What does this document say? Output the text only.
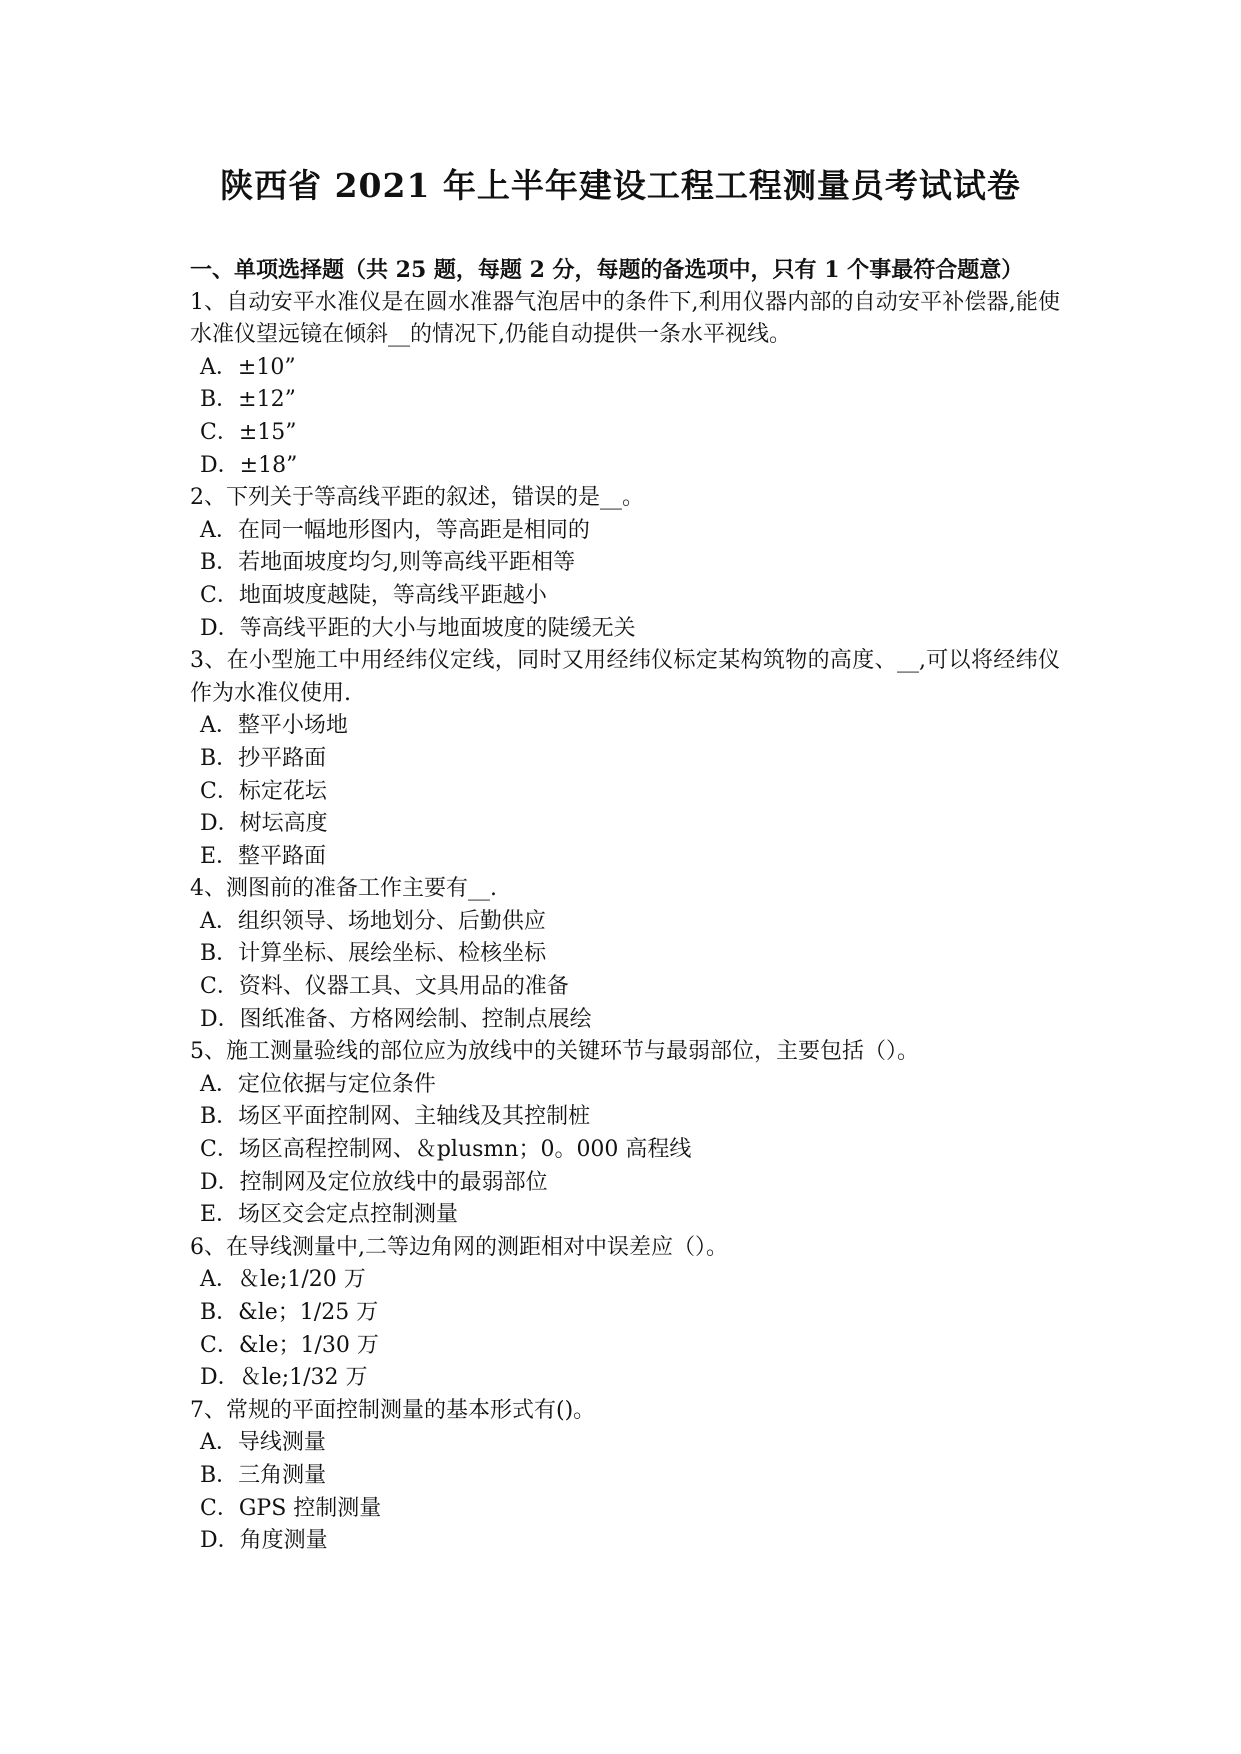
陕西省 2021 年上半年建设工程工程测量员考试试卷

一、单项选择题（共 25 题，每题 2 分，每题的备选项中，只有 1 个事最符合题意）

1、自动安平水准仪是在圆水准器气泡居中的条件下,利用仪器内部的自动安平补偿器,能使水准仪望远镜在倾斜__的情况下,仍能自动提供一条水平视线。

A．±10”
B．±12”
C．±15”
D．±18”

2、下列关于等高线平距的叙述，错误的是__。

A．在同一幅地形图内，等高距是相同的
B．若地面坡度均匀,则等高线平距相等
C．地面坡度越陡，等高线平距越小
D．等高线平距的大小与地面坡度的陡缓无关

3、在小型施工中用经纬仪定线，同时又用经纬仪标定某构筑物的高度、__,可以将经纬仪作为水准仪使用.

A．整平小场地
B．抄平路面
C．标定花坛
D．树坛高度
E．整平路面

4、测图前的准备工作主要有__.

A．组织领导、场地划分、后勤供应
B．计算坐标、展绘坐标、检核坐标
C．资料、仪器工具、文具用品的准备
D．图纸准备、方格网绘制、控制点展绘

5、施工测量验线的部位应为放线中的关键环节与最弱部位，主要包括（）。

A．定位依据与定位条件
B．场区平面控制网、主轴线及其控制桩
C．场区高程控制网、＆plusmn；0。000 高程线
D．控制网及定位放线中的最弱部位
E．场区交会定点控制测量

6、在导线测量中,二等边角网的测距相对中误差应（）。

A．＆le;1/20 万
B．&le；1/25 万
C．&le；1/30 万
D．＆le;1/32 万

7、常规的平面控制测量的基本形式有()。

A．导线测量
B．三角测量
C．GPS 控制测量
D．角度测量
